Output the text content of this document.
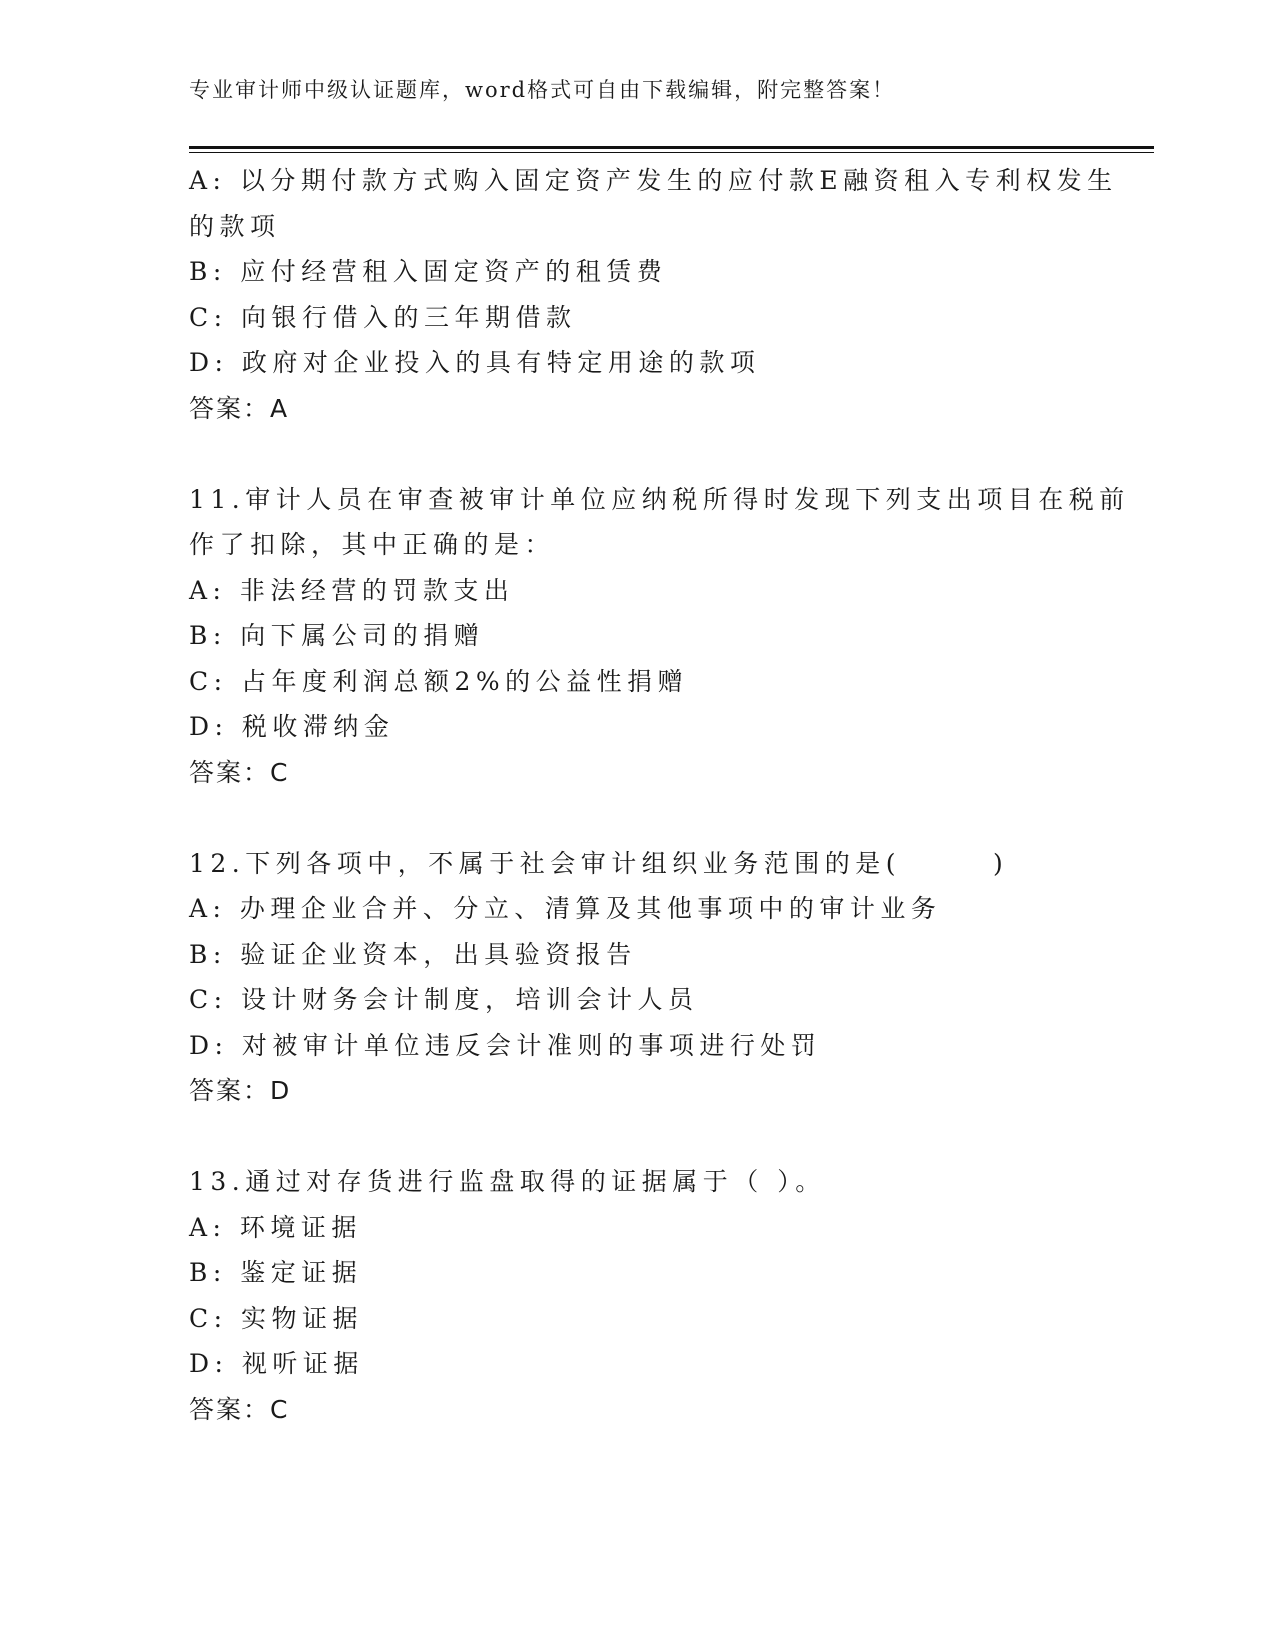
专业审计师中级认证题库，word格式可自由下载编辑，附完整答案！
A: 以分期付款方式购入固定资产发生的应付款E融资租入专利权发生
的款项
B: 应付经营租入固定资产的租赁费
C: 向银行借入的三年期借款
D: 政府对企业投入的具有特定用途的款项
答案：A
11.审计人员在审查被审计单位应纳税所得时发现下列支出项目在税前
作了扣除，其中正确的是：
A: 非法经营的罚款支出
B: 向下属公司的捐赠
C: 占年度利润总额2%的公益性捐赠
D: 税收滞纳金
答案：C
12.下列各项中，不属于社会审计组织业务范围的是(	)
A: 办理企业合并、分立、清算及其他事项中的审计业务
B: 验证企业资本，出具验资报告
C: 设计财务会计制度，培训会计人员
D: 对被审计单位违反会计准则的事项进行处罚
答案：D
13.通过对存货进行监盘取得的证据属于（ ）。
A: 环境证据
B: 鉴定证据
C: 实物证据
D: 视听证据
答案：C
